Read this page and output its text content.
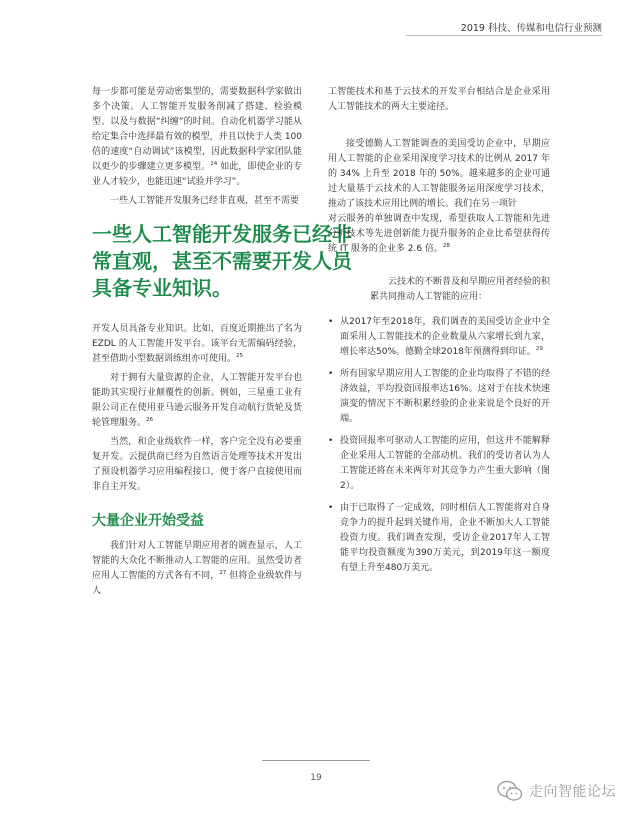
2019 科技、传媒和电信行业预测

每一步都可能是劳动密集型的，需要数据科学家做出多个决策。人工智能开发服务削减了搭建、检验模型、以及与数据“纠缠”的时间。自动化机器学习能从给定集合中选择最有效的模型，并且以快于人类 100 倍的速度“自动调试”该模型，因此数据科学家团队能以更少的步骤建立更多模型。$^{24}$ 如此，即使企业的专业人才较少，也能迅速“试验并学习”。

一些人工智能开发服务已经非直观，甚至不需要

一些人工智能开发服务已经非常直观，甚至不需要开发人员具备专业知识。

开发人员具备专业知识。比如，百度近期推出了名为 EZDL 的人工智能开发平台。该平台无需编码经验，甚至借助小型数据训练组亦可使用。$^{25}$

对于拥有大量资源的企业，人工智能开发平台也能助其实现行业颠覆性的创新。例如，三星重工业有限公司正在使用亚马逊云服务开发自动航行货轮及货轮管理服务。$^{26}$

当然，和企业级软件一样，客户完全没有必要重复开发。云提供商已经为自然语言处理等技术开发出了预设机器学习应用编程接口，便于客户直接使用而非自主开发。

大量企业开始受益

我们针对人工智能早期应用者的调查显示，人工智能的大众化不断推动人工智能的应用。虽然受访者应用人工智能的方式各有不同，$^{27}$ 但将企业级软件与人

工智能技术和基于云技术的开发平台相结合是企业采用人工智能技术的两大主要途径。

接受德勤人工智能调查的美国受访企业中，早期应用人工智能的企业采用深度学习技术的比例从 2017 年的 34% 上升至 2018 年的 50%。越来越多的企业可通过大量基于云技术的人工智能服务运用深度学习技术，推动了该技术应用比例的增长。我们在另一项针

对云服务的单独调查中发现，希望获取人工智能和先进分析技术等先进创新能力提升服务的企业比希望获得传统 IT 服务的企业多 2.6 倍。$^{28}$

云技术的不断普及和早期应用者经验的积累共同推动人工智能的应用：

• 从2017年至2018年，我们调查的美国受访企业中全面采用人工智能技术的企业数量从六家增长到九家，增长率达50%。德勤全球2018年预测得到印证。$^{29}$
• 所有国家早期应用人工智能的企业均取得了不错的经济效益，平均投资回报率达16%。这对于在技术快速演变的情况下不断积累经验的企业来说是个良好的开端。
• 投资回报率可驱动人工智能的应用，但这并不能解释企业采用人工智能的全部动机。我们的受访者认为人工智能还将在未来两年对其竞争力产生重大影响（图2）。
• 由于已取得了一定成效，同时相信人工智能将对自身竞争力的提升起到关键作用，企业不断加大人工智能投资力度。我们调查发现，受访企业2017年人工智能平均投资额度为390万美元，到2019年这一额度有望上升至480万美元。
19
走向智能论坛
